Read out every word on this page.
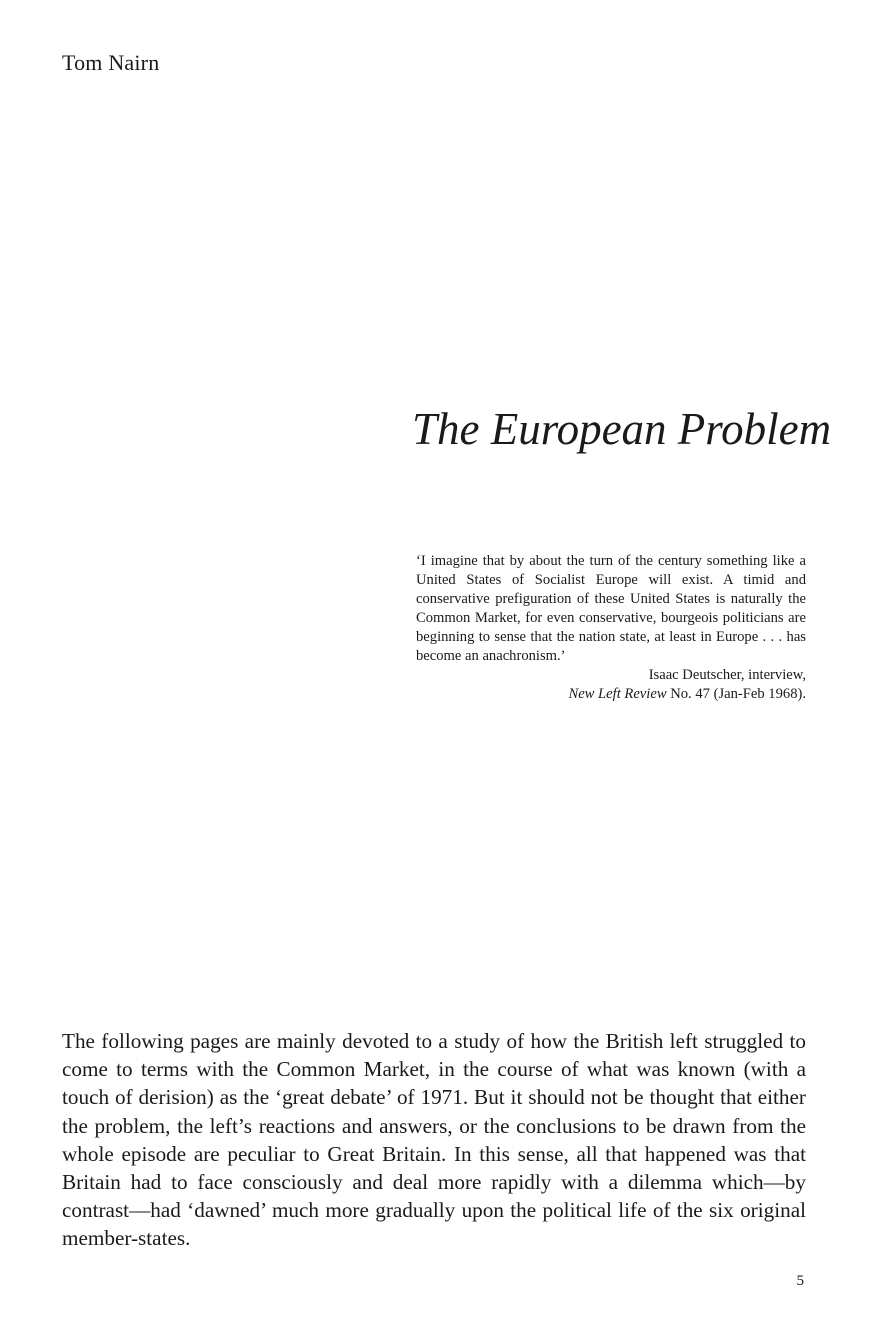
Tom Nairn

The European Problem

‘I imagine that by about the turn of the century something like a United States of Socialist Europe will exist. A timid and conservative prefiguration of these United States is naturally the Common Market, for even conservative, bourgeois politicians are beginning to sense that the nation state, at least in Europe . . . has become an anachronism.’

Isaac Deutscher, interview,

New Left Review No. 47 (Jan-Feb 1968).

The following pages are mainly devoted to a study of how the British left struggled to come to terms with the Common Market, in the course of what was known (with a touch of derision) as the ‘great debate’ of 1971. But it should not be thought that either the problem, the left’s reactions and answers, or the conclusions to be drawn from the whole episode are peculiar to Great Britain. In this sense, all that happened was that Britain had to face consciously and deal more rapidly with a dilemma which—by contrast—had ‘dawned’ much more gradually upon the political life of the six original member-states.

5
